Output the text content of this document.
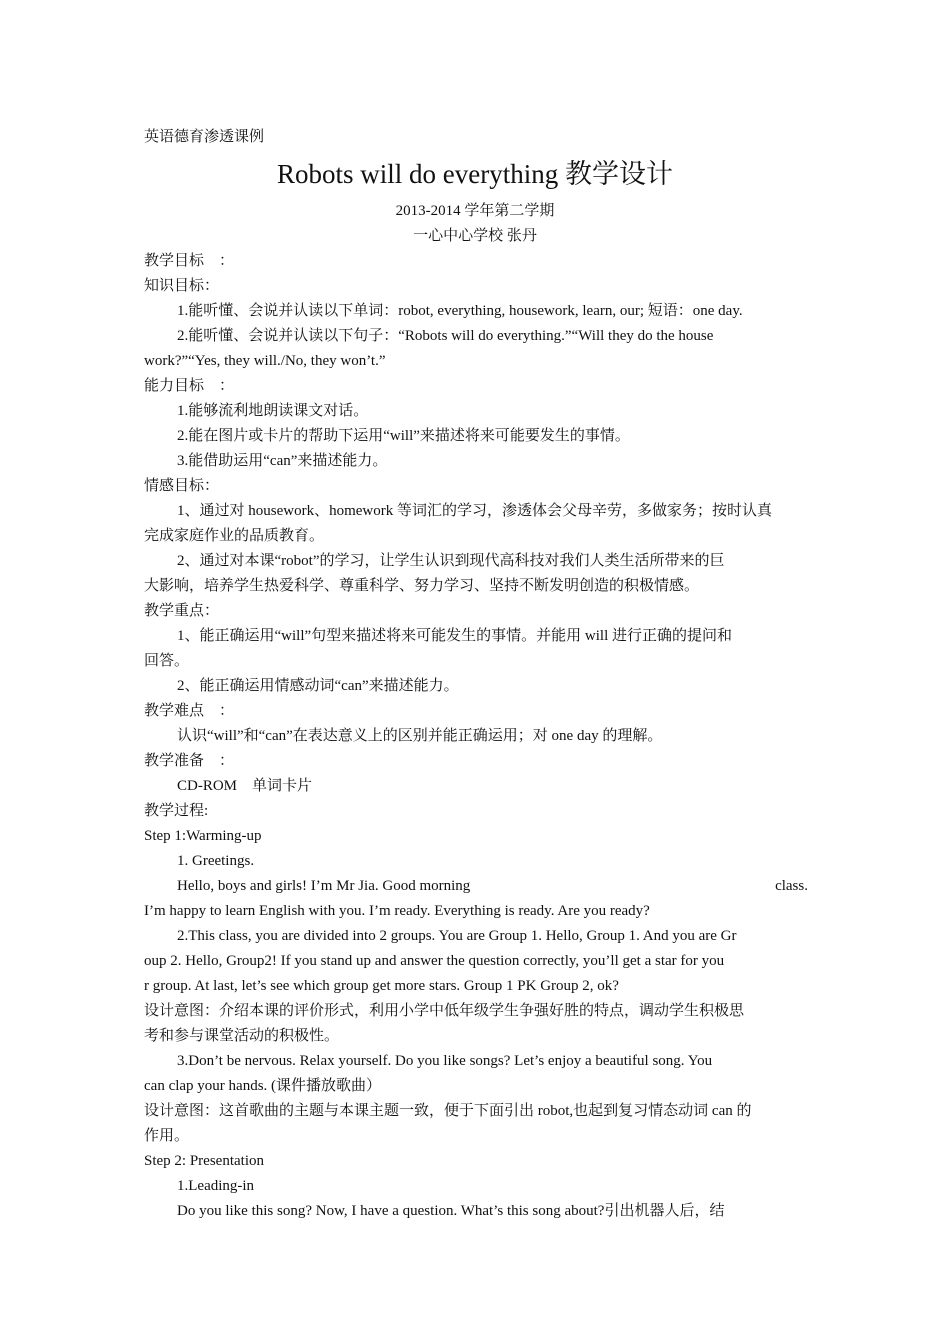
英语德育渗透课例
Robots will do everything 教学设计
2013-2014 学年第二学期
一心中心学校 张丹
教学目标　：
知识目标：
1.能听懂、会说并认读以下单词：robot, everything, housework, learn, our; 短语：one day.
2.能听懂、会说并认读以下句子：“Robots will do everything.”“Will they do the house
work?”“Yes, they will./No, they won’t.”
能力目标　：
1.能够流利地朗读课文对话。
2.能在图片或卡片的帮助下运用“will”来描述将来可能要发生的事情。
3.能借助运用“can”来描述能力。
情感目标：
1、通过对 housework、homework 等词汇的学习，渗透体会父母辛劳，多做家务；按时认真
完成家庭作业的品质教育。
2、通过对本课“robot”的学习，让学生认识到现代高科技对我们人类生活所带来的巨
大影响，培养学生热爱科学、尊重科学、努力学习、坚持不断发明创造的积极情感。
教学重点：
1、能正确运用“will”句型来描述将来可能发生的事情。并能用 will 进行正确的提问和
回答。
2、能正确运用情感动词“can”来描述能力。
教学难点　：
认识“will”和“can”在表达意义上的区别并能正确运用；对 one day 的理解。
教学准备　：
CD-ROM　单词卡片
教学过程:
Step 1:Warming-up
1. Greetings.
Hello, boys and girls! I’m Mr Jia. Good morning	class.
I’m happy to learn English with you. I’m ready. Everything is ready. Are you ready?
2.This class, you are divided into 2 groups. You are Group 1. Hello, Group 1. And you are Gr
oup 2. Hello, Group2! If you stand up and answer the question correctly, you’ll get a star for you
r group. At last, let’s see which group get more stars. Group 1 PK Group 2, ok?
设计意图：介绍本课的评价形式，利用小学中低年级学生争强好胜的特点，调动学生积极思
考和参与课堂活动的积极性。
3.Don’t be nervous. Relax yourself. Do you like songs? Let’s enjoy a beautiful song. You
can clap your hands. (课件播放歌曲）
设计意图：这首歌曲的主题与本课主题一致，便于下面引出 robot,也起到复习情态动词 can 的
作用。
Step 2: Presentation
1.Leading-in
Do you like this song? Now, I have a question. What’s this song about?引出机器人后，结
